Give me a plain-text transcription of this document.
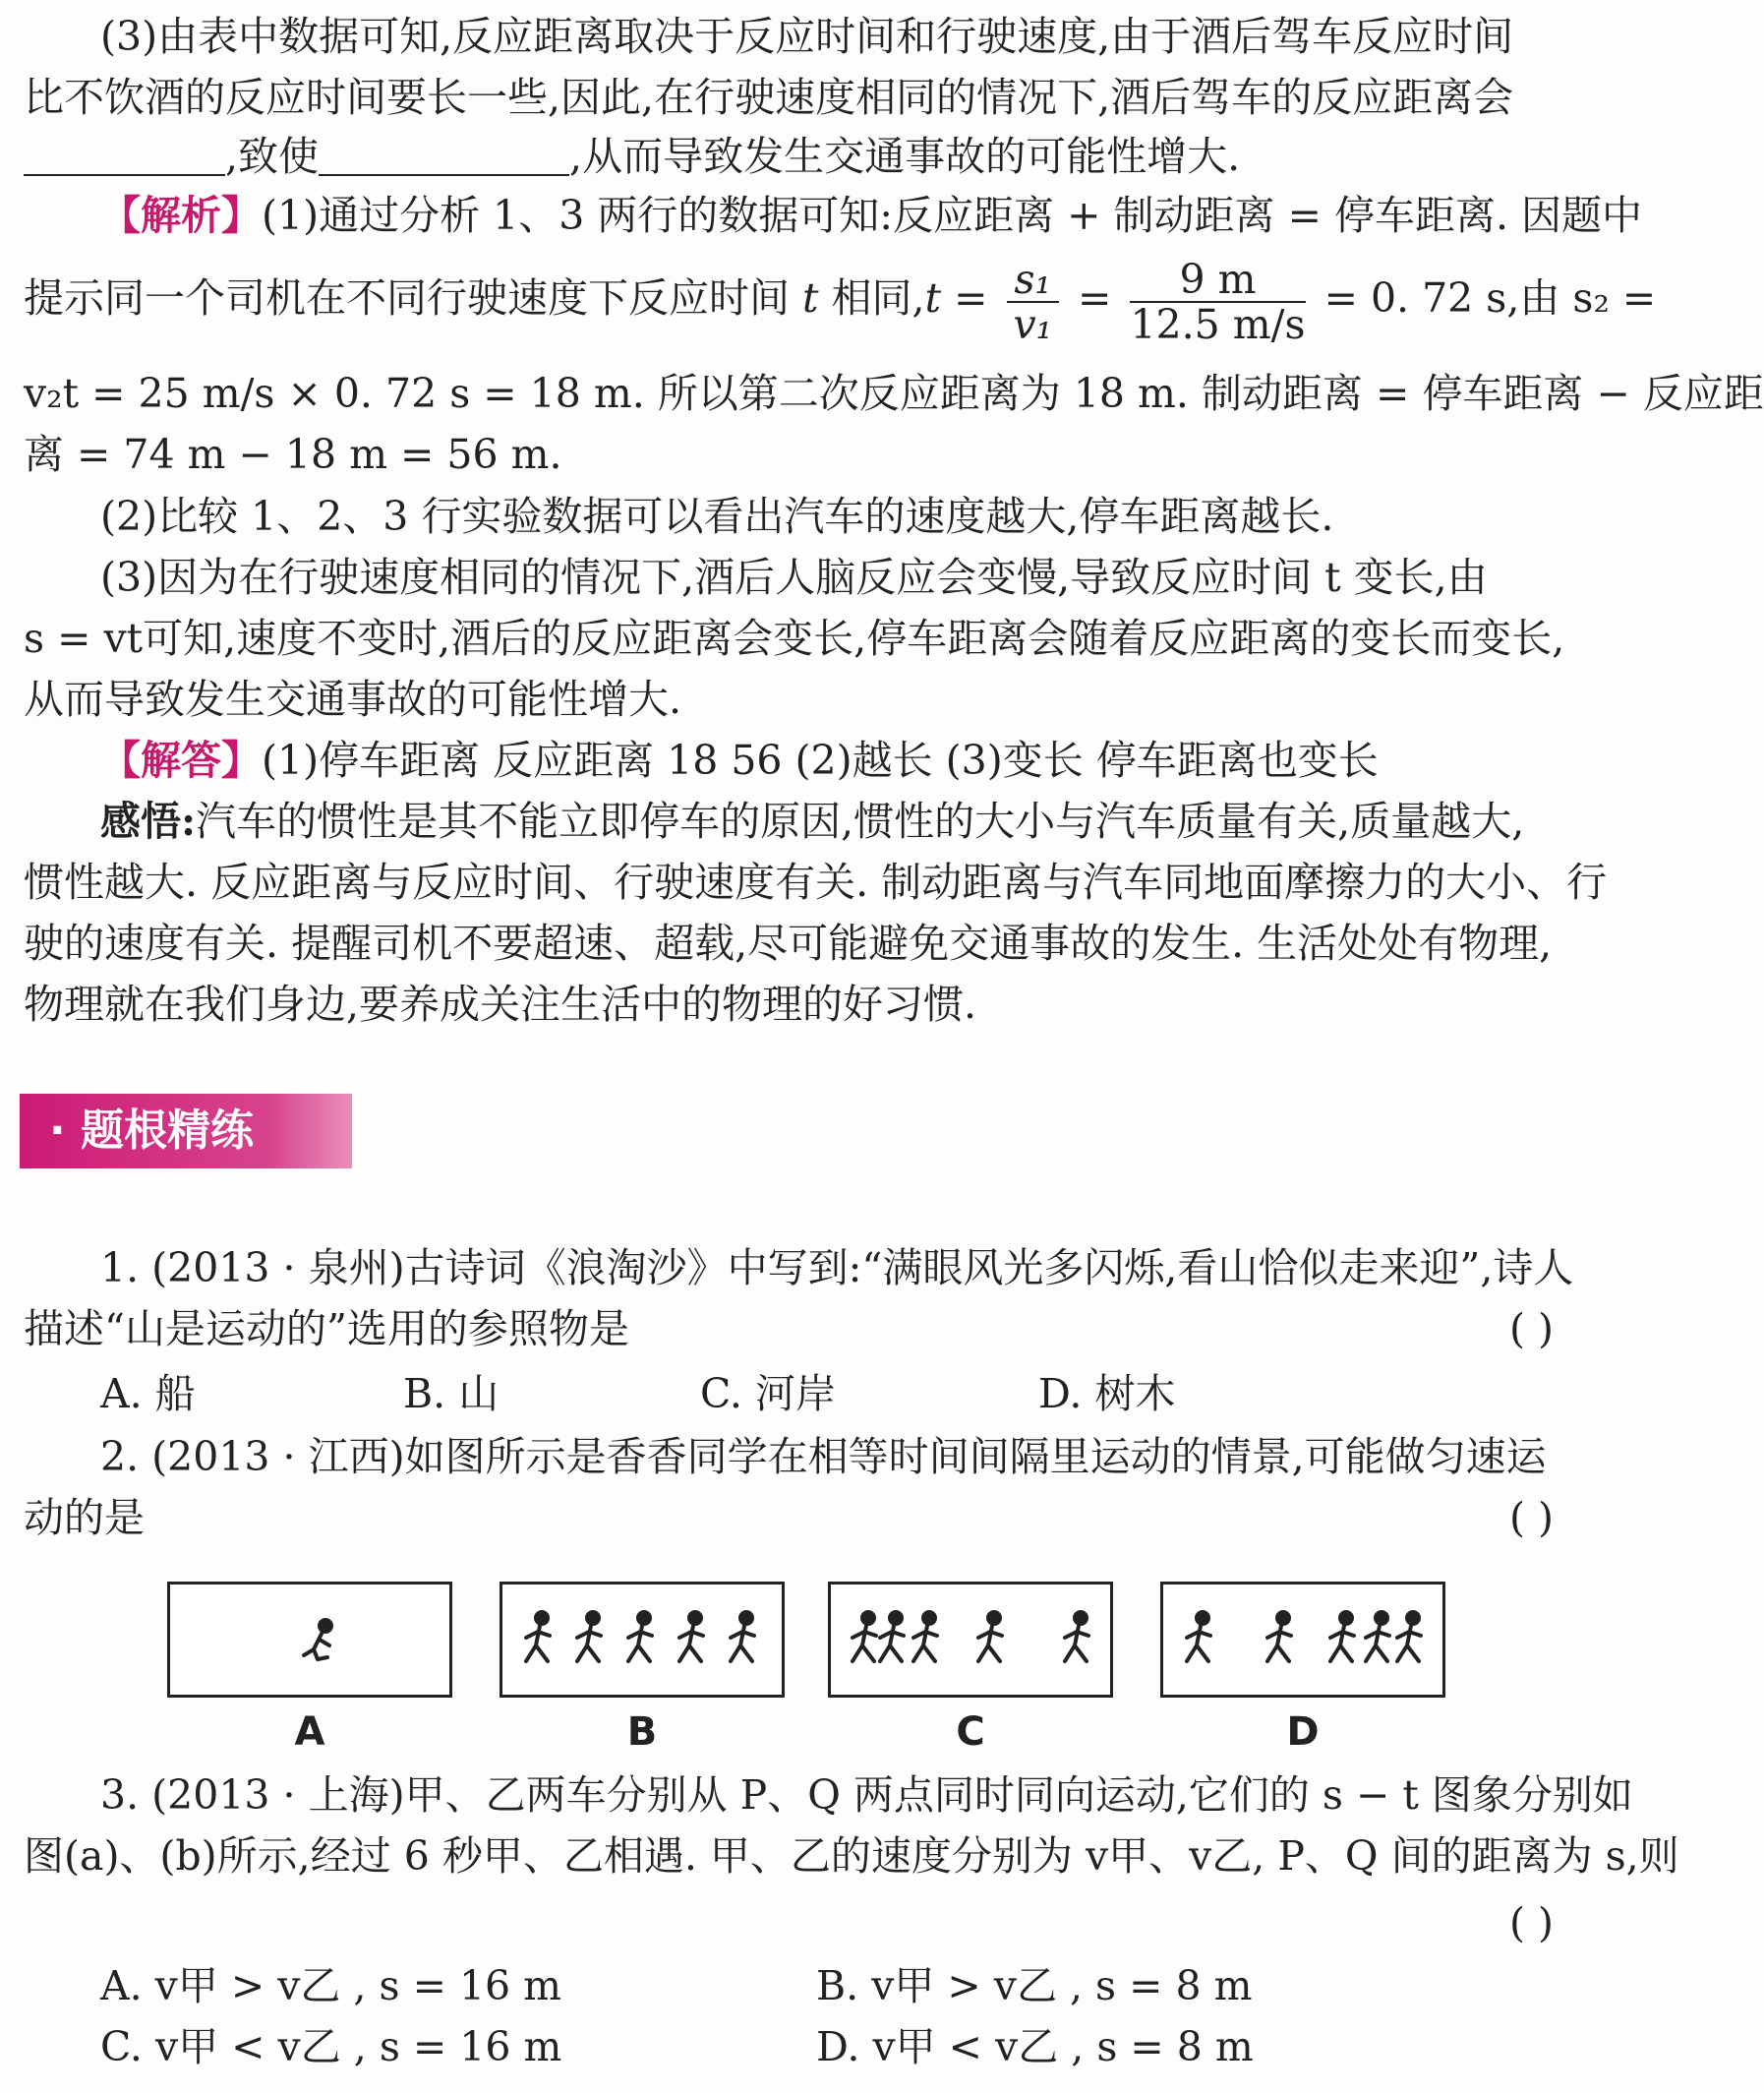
(3)由表中数据可知,反应距离取决于反应时间和行驶速度,由于酒后驾车反应时间
比不饮酒的反应时间要长一些,因此,在行驶速度相同的情况下,酒后驾车的反应距离会
,致使	,从而导致发生交通事故的可能性增大.
【解析】(1)通过分析 1、3 两行的数据可知:反应距离 + 制动距离 = 停车距离. 因题中
提示同一个司机在不同行驶速度下反应时间 t 相同$,t = \frac{\text{s₁}}{\text{v₁}} = \frac{9 m}{12.5 m/s} = 0$. 72 s,由 s₂ =
v₂t = 25 m/s × 0. 72 s = 18 m. 所以第二次反应距离为 18 m. 制动距离 = 停车距离 − 反应距
离 = 74 m − 18 m = 56 m.
(2)比较 1、2、3 行实验数据可以看出汽车的速度越大,停车距离越长.
(3)因为在行驶速度相同的情况下,酒后人脑反应会变慢,导致反应时间 t 变长,由
s = vt可知,速度不变时,酒后的反应距离会变长,停车距离会随着反应距离的变长而变长,
从而导致发生交通事故的可能性增大.
【解答】(1)停车距离 反应距离 18 56 (2)越长 (3)变长 停车距离也变长
感悟:汽车的惯性是其不能立即停车的原因,惯性的大小与汽车质量有关,质量越大,
惯性越大. 反应距离与反应时间、行驶速度有关. 制动距离与汽车同地面摩擦力的大小、行
驶的速度有关. 提醒司机不要超速、超载,尽可能避免交通事故的发生. 生活处处有物理,
物理就在我们身边,要养成关注生活中的物理的好习惯.
· 题根精练
1. (2013 · 泉州)古诗词《浪淘沙》中写到:“满眼风光多闪烁,看山恰似走来迎”,诗人
描述“山是运动的”选用的参照物是	( )
A. 船	B. 山	C. 河岸	D. 树木
2. (2013 · 江西)如图所示是香香同学在相等时间间隔里运动的情景,可能做匀速运
动的是	( )
A	B	C	D
3. (2013 · 上海)甲、乙两车分别从 P、Q 两点同时同向运动,它们的 s − t 图象分别如
图(a)、(b)所示,经过 6 秒甲、乙相遇. 甲、乙的速度分别为 v甲、v乙, P、Q 间的距离为 s,则
( )
A. v甲 > v乙 , s = 16 m	B. v甲 > v乙 , s = 8 m
C. v甲 < v乙 , s = 16 m	D. v甲 < v乙 , s = 8 m
